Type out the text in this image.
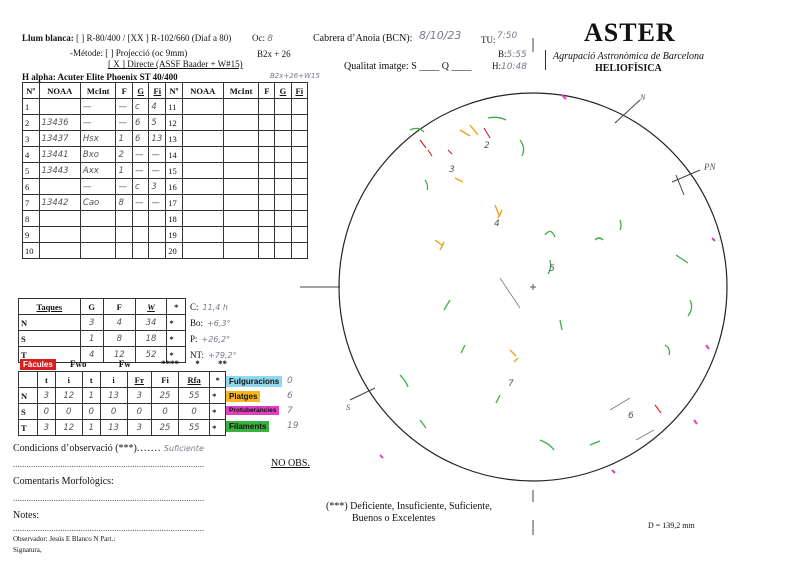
Llum blanca: [ ] R-80/400 / [XX ] R-102/660 (Diaf a 80) Oc: 8
-Métode: [ ] Projecció (oc 9mm)
[ X ] Directe (ASSF Baader + W#15)
B2x + 26
Cabrera d’Anoia (BCN): 8/10/23 TU: 7:50
Qualitat imatge: S ____ Q ____
B:5:55
H:10:48
H alpha: Acuter Elite Phoenix ST 40/400	B2x+26+W15
ASTER
Agrupació Astronòmica de Barcelona
HELIOFÍSICA
Nº	NOAA	McInt	F	G	Fi	Nº	NOAA	McInt	F	G	Fi
1		—	—	c	4	11					
2	13436	—	—	6	5	12					
3	13437	Hsx	1	6	13	13					
4	13441	Bxo	2	—	—	14					
5	13443	Axx	1	—	—	15					
6		—	—	c	3	16					
7	13442	Cao	8	—	—	17					
8						18					
9						19					
10						20					
Taques	G	F	W	*
N	3	4	34	*
S	1	8	18	*
T	4	12	52	*
C: 11,4 h
Bo: +6,3°
P: +26,2°
NT: +79,2°
Fàcules Fwo	Fw	**** * **
	t	i	t	i	Fт	Fi	Rfa	*
N	3	12	1	13	3	25	55	*
S	0	0	0	0	0	0	0	*
T	3	12	1	13	3	25	55	*
Fulguracions 0
Platges	6
Protuberàncies	7
Filaments	19
Condicions d’observació (***)....... Suficiente
.....................................................................................
Comentaris Morfològics:
.....................................................................................
Notes:
.....................................................................................
Observador: Jesús E Blanco N Part.:
Signatura,
NO OBS.
(***) Deficiente, Insuficiente, Suficiente,
Buenos o Excelentes
D = 139,2 mm
N
PN
S
2
3
4
5
6
7
